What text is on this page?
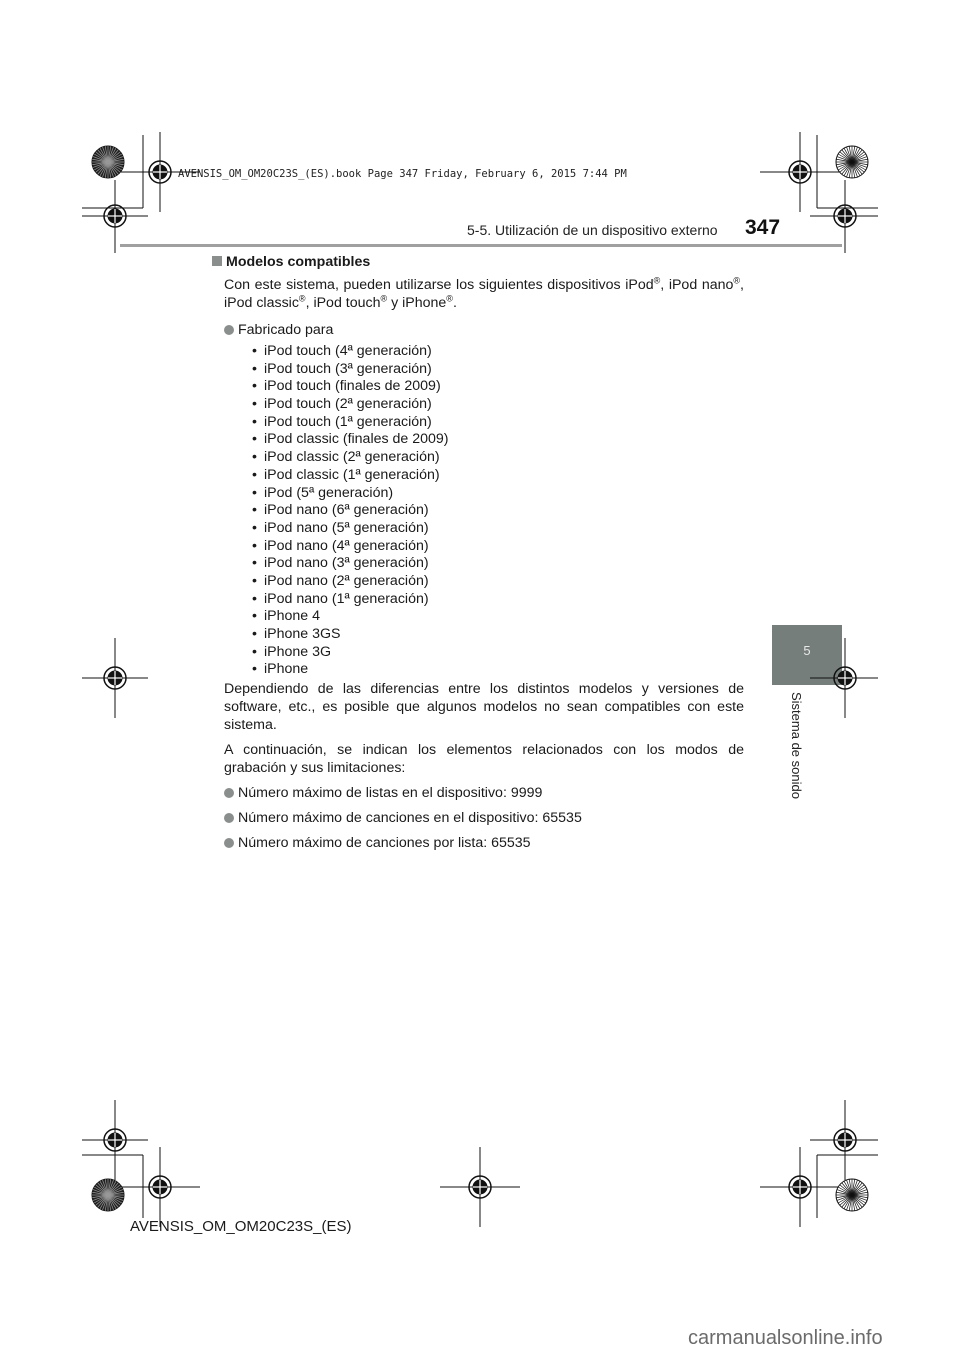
AVENSIS_OM_OM20C23S_(ES).book Page 347 Friday, February 6, 2015 7:44 PM
5-5. Utilización de un dispositivo externo 347
5
Sistema de sonido
Modelos compatibles
Con este sistema, pueden utilizarse los siguientes dispositivos iPod®, iPod nano®, iPod classic®, iPod touch® y iPhone®.
Fabricado para
• iPod touch (4ª generación)
• iPod touch (3ª generación)
• iPod touch (finales de 2009)
• iPod touch (2ª generación)
• iPod touch (1ª generación)
• iPod classic (finales de 2009)
• iPod classic (2ª generación)
• iPod classic (1ª generación)
• iPod (5ª generación)
• iPod nano (6ª generación)
• iPod nano (5ª generación)
• iPod nano (4ª generación)
• iPod nano (3ª generación)
• iPod nano (2ª generación)
• iPod nano (1ª generación)
• iPhone 4
• iPhone 3GS
• iPhone 3G
• iPhone
Dependiendo de las diferencias entre los distintos modelos y versiones de software, etc., es posible que algunos modelos no sean compatibles con este sistema.
A continuación, se indican los elementos relacionados con los modos de grabación y sus limitaciones:
Número máximo de listas en el dispositivo: 9999
Número máximo de canciones en el dispositivo: 65535
Número máximo de canciones por lista: 65535
AVENSIS_OM_OM20C23S_(ES)
carmanualsonline.info
